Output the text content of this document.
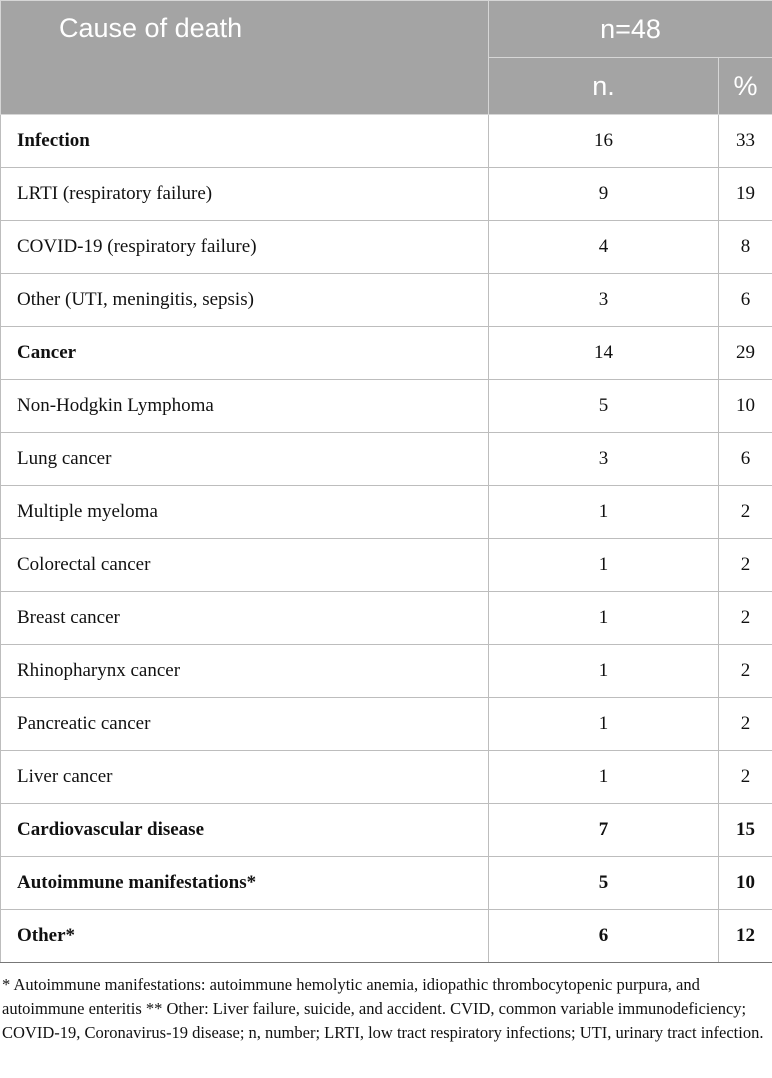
Cause of death	n=48	
	n.	%
Infection	16	33
LRTI (respiratory failure)	9	19
COVID-19 (respiratory failure)	4	8
Other (UTI, meningitis, sepsis)	3	6
Cancer	14	29
Non-Hodgkin Lymphoma	5	10
Lung cancer	3	6
Multiple myeloma	1	2
Colorectal cancer	1	2
Breast cancer	1	2
Rhinopharynx cancer	1	2
Pancreatic cancer	1	2
Liver cancer	1	2
Cardiovascular disease	7	15
Autoimmune manifestations*	5	10
Other*	6	12
* Autoimmune manifestations: autoimmune hemolytic anemia, idiopathic thrombocytopenic purpura, and autoimmune enteritis ** Other: Liver failure, suicide, and accident. CVID, common variable immunodeficiency; COVID-19, Coronavirus-19 disease; n, number; LRTI, low tract respiratory infections; UTI, urinary tract infection.
